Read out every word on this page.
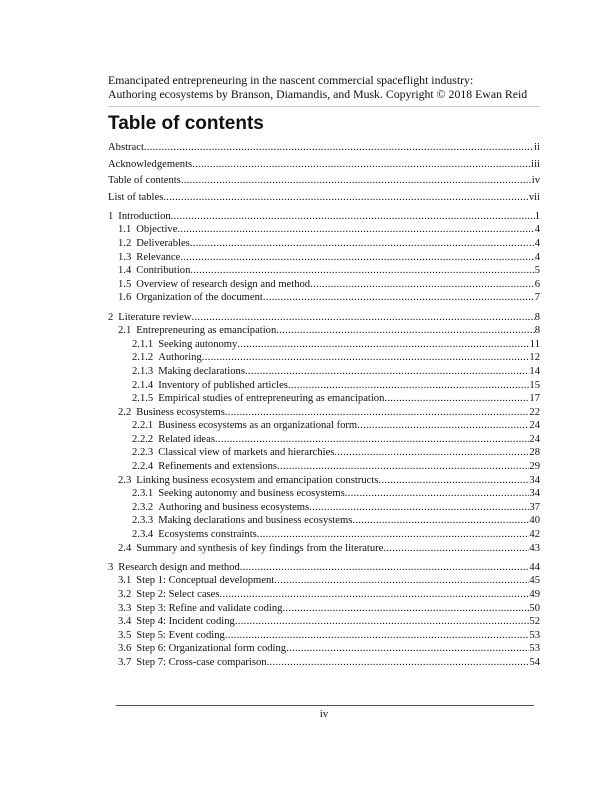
Emancipated entrepreneuring in the nascent commercial spaceflight industry:
Authoring ecosystems by Branson, Diamandis, and Musk. Copyright © 2018 Ewan Reid
Table of contents
Abstract .....	ii
Acknowledgements .....	iii
Table of contents .....	iv
List of tables .....	vii
1 Introduction .....	1
1.1 Objective .....	4
1.2 Deliverables .....	4
1.3 Relevance .....	4
1.4 Contribution .....	5
1.5 Overview of research design and method .....	6
1.6 Organization of the document .....	7
2 Literature review .....	8
2.1 Entrepreneuring as emancipation .....	8
2.1.1 Seeking autonomy .....	11
2.1.2 Authoring .....	12
2.1.3 Making declarations .....	14
2.1.4 Inventory of published articles .....	15
2.1.5 Empirical studies of entrepreneuring as emancipation .....	17
2.2 Business ecosystems .....	22
2.2.1 Business ecosystems as an organizational form .....	24
2.2.2 Related ideas .....	24
2.2.3 Classical view of markets and hierarchies .....	28
2.2.4 Refinements and extensions .....	29
2.3 Linking business ecosystem and emancipation constructs .....	34
2.3.1 Seeking autonomy and business ecosystems .....	34
2.3.2 Authoring and business ecosystems .....	37
2.3.3 Making declarations and business ecosystems .....	40
2.3.4 Ecosystems constraints .....	42
2.4 Summary and synthesis of key findings from the literature .....	43
3 Research design and method .....	44
3.1 Step 1: Conceptual development .....	45
3.2 Step 2: Select cases .....	49
3.3 Step 3: Refine and validate coding .....	50
3.4 Step 4: Incident coding .....	52
3.5 Step 5: Event coding .....	53
3.6 Step 6: Organizational form coding .....	53
3.7 Step 7: Cross-case comparison .....	54
iv
